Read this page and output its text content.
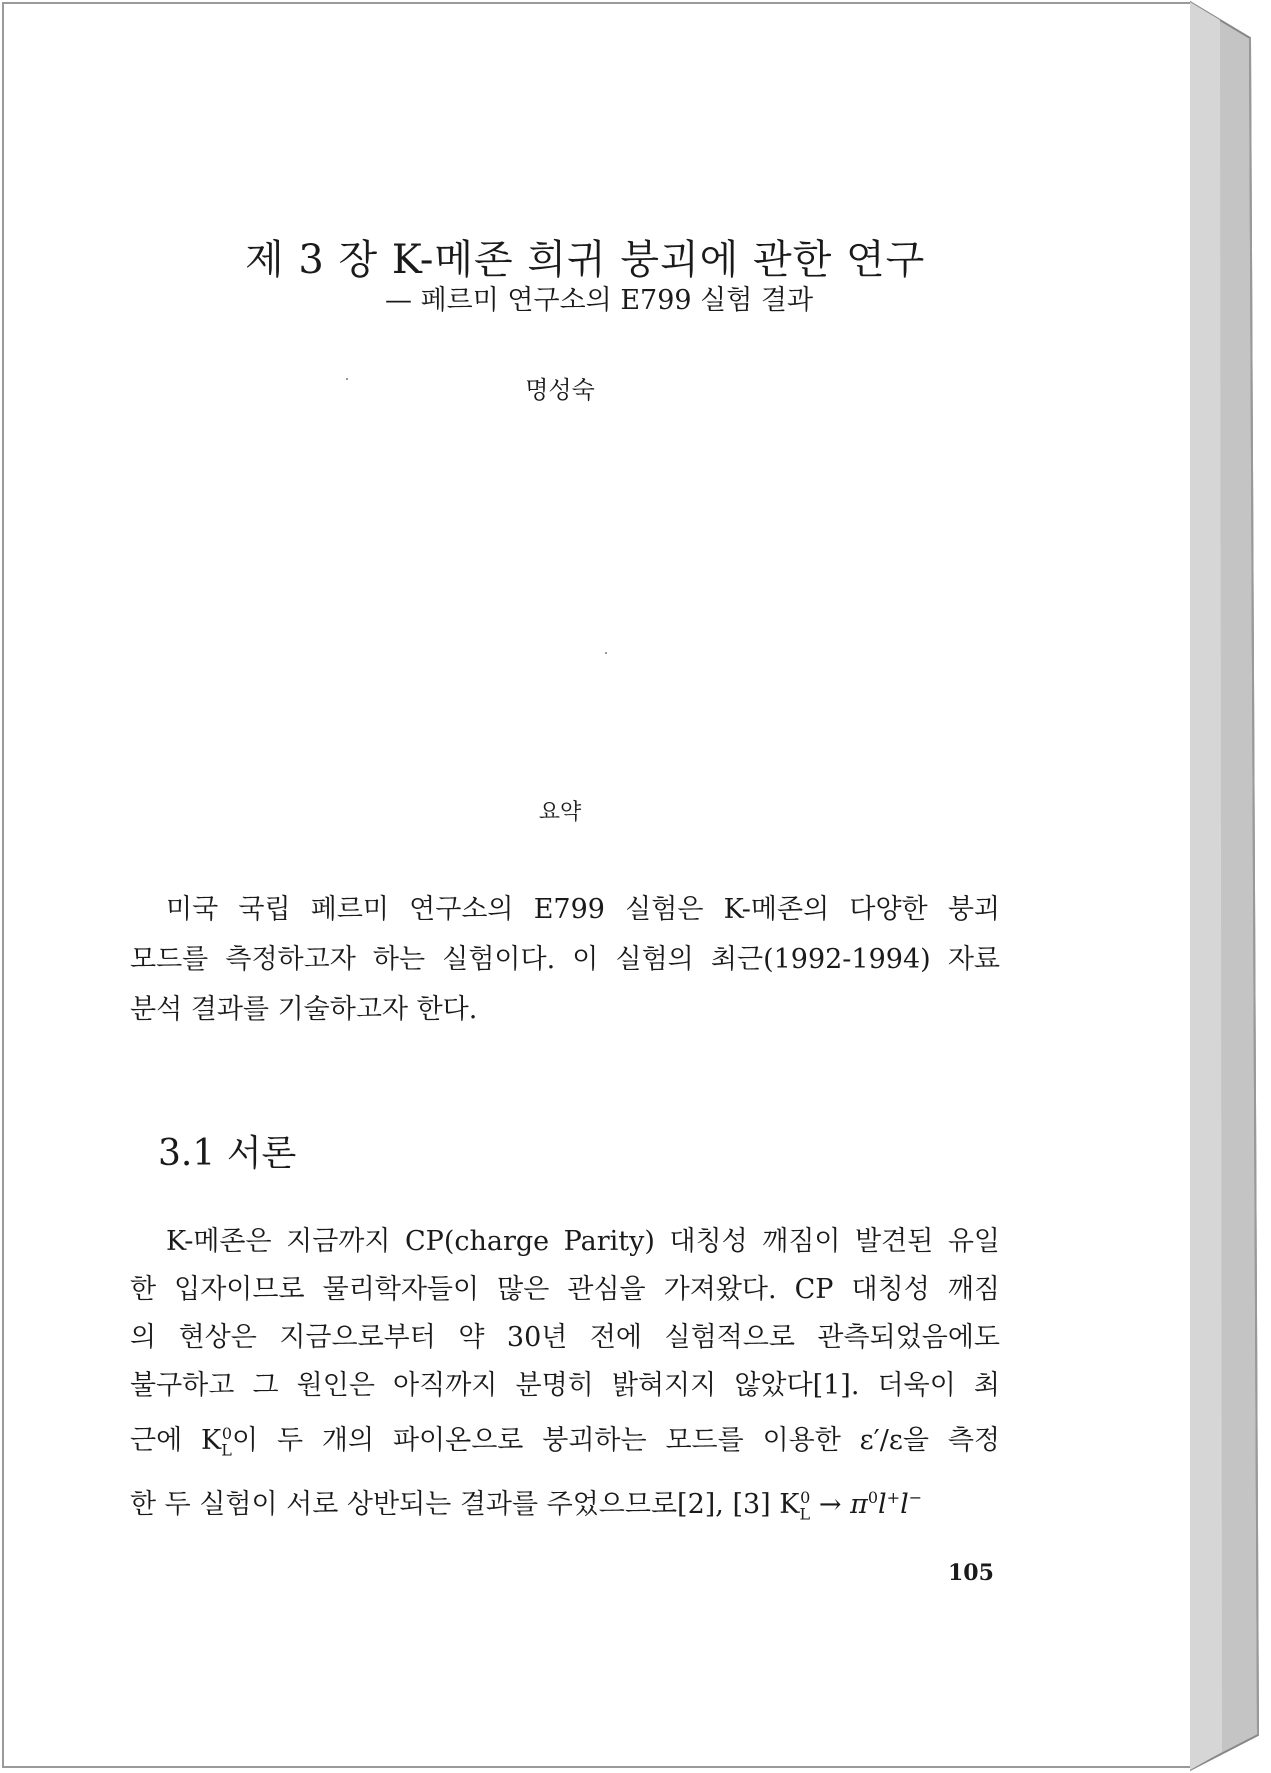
제 3 장 K-메존 희귀 붕괴에 관한 연구
— 페르미 연구소의 E799 실험 결과
명성숙
요약
미국 국립 페르미 연구소의 E799 실험은 K-메존의 다양한 붕괴
모드를 측정하고자 하는 실험이다. 이 실험의 최근(1992-1994) 자료
분석 결과를 기술하고자 한다.
3.1 서론
K-메존은 지금까지 CP(charge Parity) 대칭성 깨짐이 발견된 유일
한 입자이므로 물리학자들이 많은 관심을 가져왔다. CP 대칭성 깨짐
의 현상은 지금으로부터 약 30년 전에 실험적으로 관측되었음에도
불구하고 그 원인은 아직까지 분명히 밝혀지지 않았다[1]. 더욱이 최
근에 $K_L^0$이 두 개의 파이온으로 붕괴하는 모드를 이용한 ε′/ε을 측정
한 두 실험이 서로 상반되는 결과를 주었으므로[2], [3] $K_L^0 \to \pi^0l^+l^-$
105
